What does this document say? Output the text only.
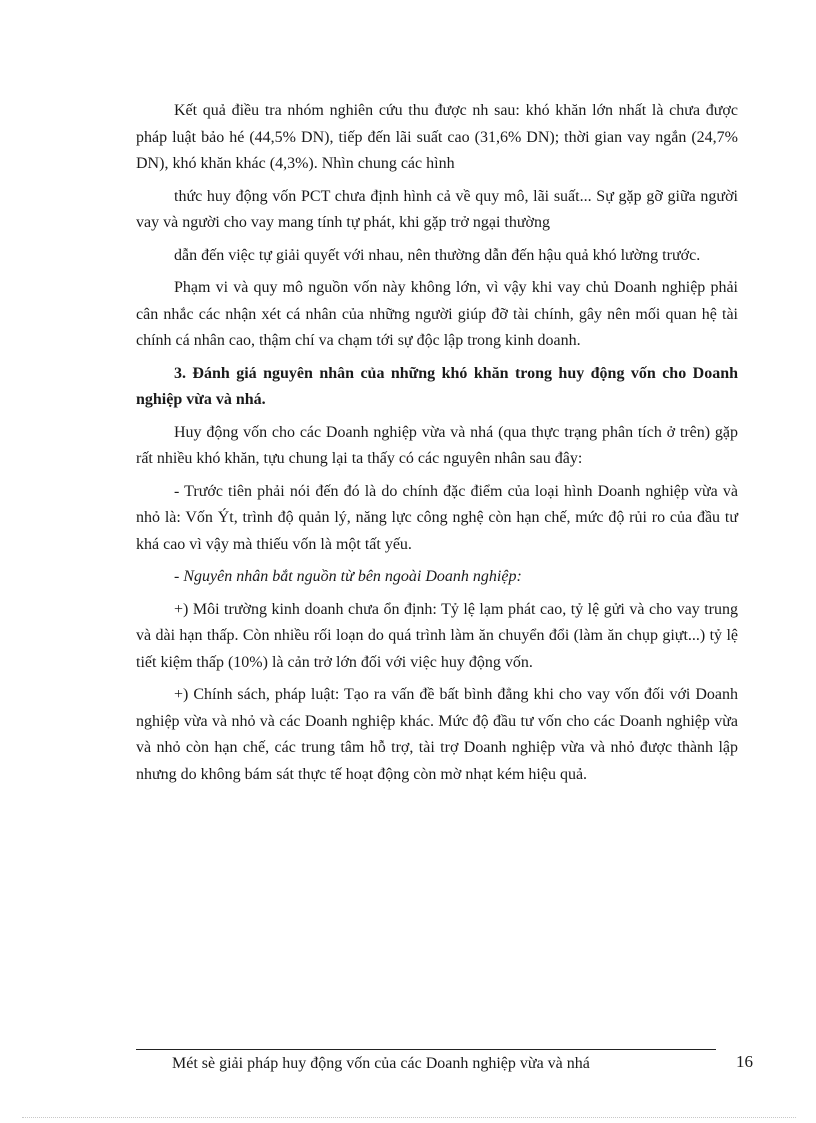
Kết quả điều tra nhóm nghiên cứu thu được nh sau: khó khăn lớn nhất là chưa được pháp luật bảo hé (44,5% DN), tiếp đến lãi suất cao (31,6% DN); thời gian vay ngắn (24,7% DN), khó khăn khác (4,3%). Nhìn chung các hình

thức huy động vốn PCT chưa định hình cả về quy mô, lãi suất... Sự gặp gỡ giữa người vay và người cho vay mang tính tự phát, khi gặp trở ngại thường

dẫn đến việc tự giải quyết với nhau, nên thường dẫn đến hậu quả khó lường trước.

Phạm vi và quy mô nguồn vốn này không lớn, vì vậy khi vay chủ Doanh nghiệp phải cân nhắc các nhận xét cá nhân của những người giúp đỡ tài chính, gây nên mối quan hệ tài chính cá nhân cao, thậm chí va chạm tới sự độc lập trong kinh doanh.

3. Đánh giá nguyên nhân của những khó khăn trong huy động vốn cho Doanh nghiệp vừa và nhá.

Huy động vốn cho các Doanh nghiệp vừa và nhá (qua thực trạng phân tích ở trên) gặp rất nhiều khó khăn, tựu chung lại ta thấy có các nguyên nhân sau đây:

- Trước tiên phải nói đến đó là do chính đặc điểm của loại hình Doanh nghiệp vừa và nhỏ là: Vốn Ýt, trình độ quản lý, năng lực công nghệ còn hạn chế, mức độ rủi ro của đầu tư khá cao vì vậy mà thiếu vốn là một tất yếu.

- Nguyên nhân bắt nguồn từ bên ngoài Doanh nghiệp:

+) Môi trường kinh doanh chưa ổn định: Tỷ lệ lạm phát cao, tỷ lệ gửi và cho vay trung và dài hạn thấp. Còn nhiều rối loạn do quá trình làm ăn chuyển đổi (làm ăn chụp giựt...) tỷ lệ tiết kiệm thấp (10%) là cản trở lớn đối với việc huy động vốn.

+) Chính sách, pháp luật: Tạo ra vấn đề bất bình đẳng khi cho vay vốn đối với Doanh nghiệp vừa và nhỏ và các Doanh nghiệp khác. Mức độ đầu tư vốn cho các Doanh nghiệp vừa và nhỏ còn hạn chế, các trung tâm hỗ trợ, tài trợ Doanh nghiệp vừa và nhỏ được thành lập nhưng do không bám sát thực tế hoạt động còn mờ nhạt kém hiệu quả.

Mét sè giải pháp huy động vốn của các Doanh nghiệp vừa và nhá	16
